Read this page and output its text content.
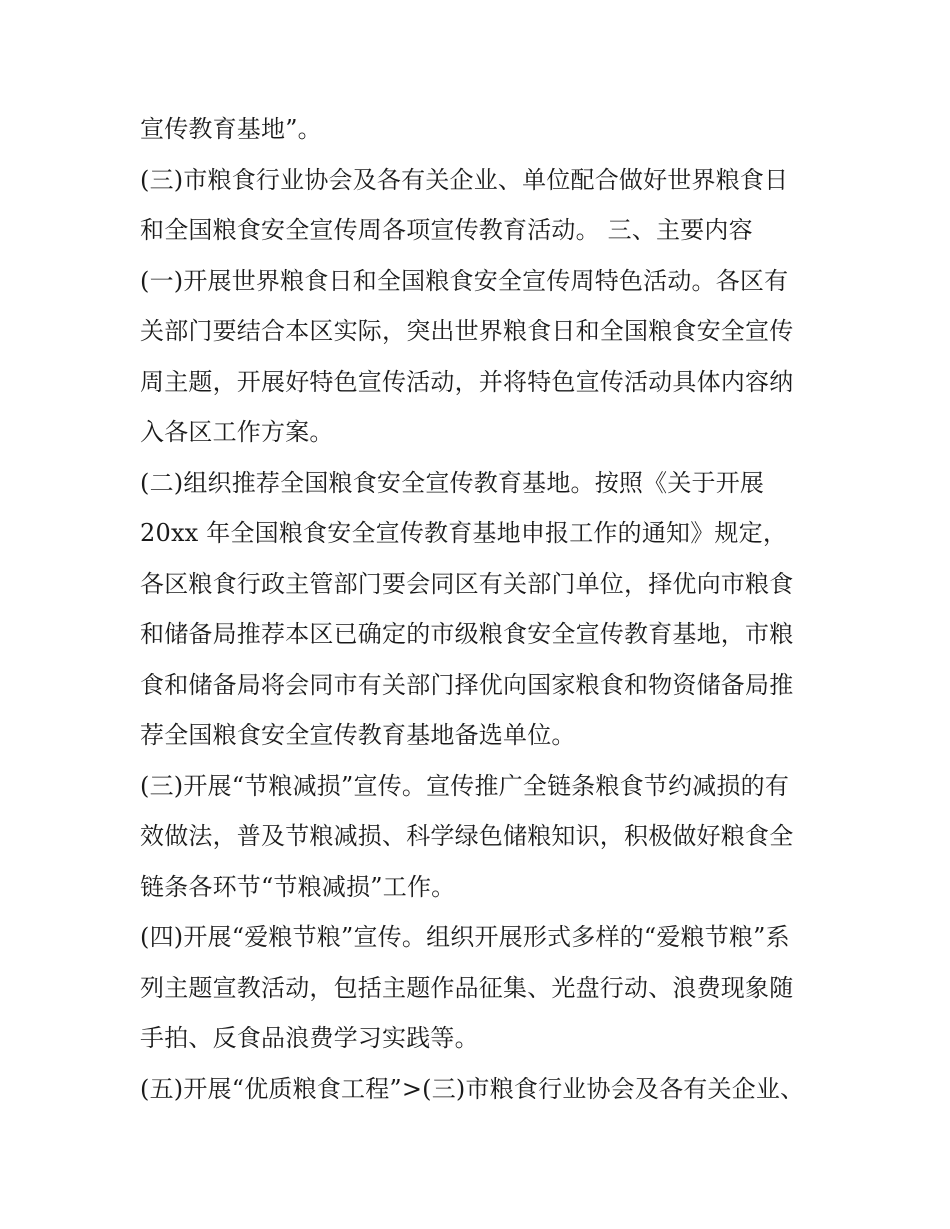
宣传教育基地”。
(三)市粮食行业协会及各有关企业、单位配合做好世界粮食日
和全国粮食安全宣传周各项宣传教育活动。 三、主要内容
(一)开展世界粮食日和全国粮食安全宣传周特色活动。各区有
关部门要结合本区实际，突出世界粮食日和全国粮食安全宣传
周主题，开展好特色宣传活动，并将特色宣传活动具体内容纳
入各区工作方案。
(二)组织推荐全国粮食安全宣传教育基地。按照《关于开展
20xx 年全国粮食安全宣传教育基地申报工作的通知》规定，
各区粮食行政主管部门要会同区有关部门单位，择优向市粮食
和储备局推荐本区已确定的市级粮食安全宣传教育基地，市粮
食和储备局将会同市有关部门择优向国家粮食和物资储备局推
荐全国粮食安全宣传教育基地备选单位。
(三)开展“节粮减损”宣传。宣传推广全链条粮食节约减损的有
效做法，普及节粮减损、科学绿色储粮知识，积极做好粮食全
链条各环节“节粮减损”工作。
(四)开展“爱粮节粮”宣传。组织开展形式多样的“爱粮节粮”系
列主题宣教活动，包括主题作品征集、光盘行动、浪费现象随
手拍、反食品浪费学习实践等。
(五)开展“优质粮食工程”>(三)市粮食行业协会及各有关企业、
